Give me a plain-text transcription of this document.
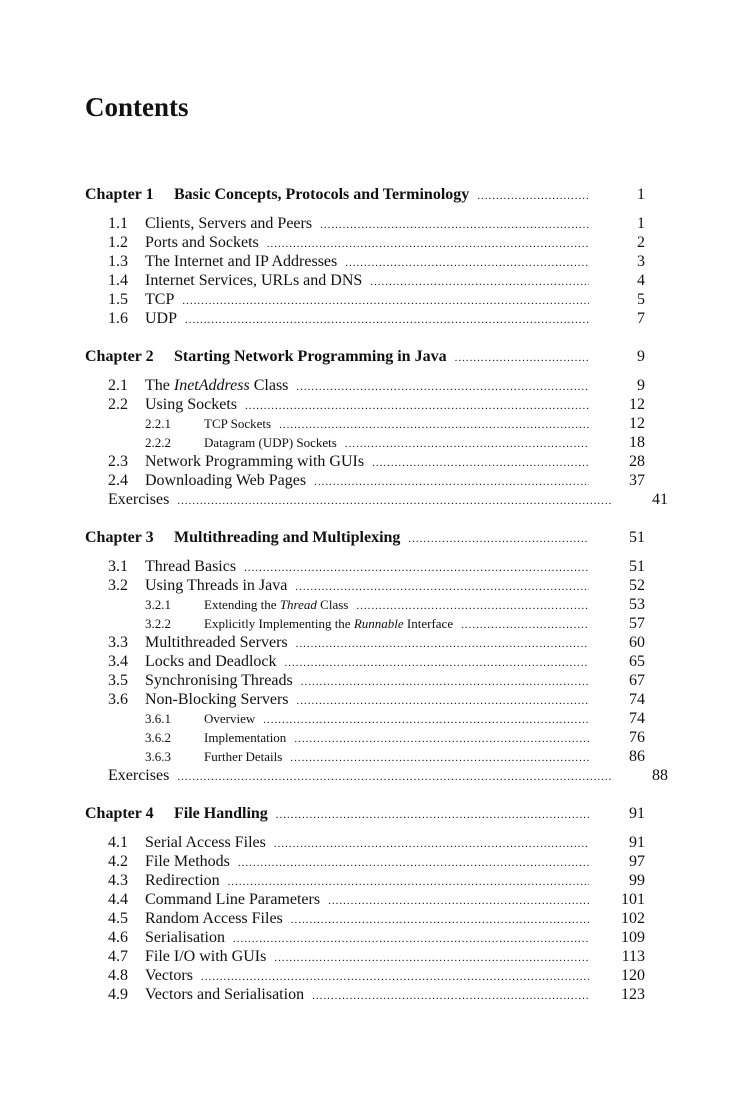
Contents
Chapter 1	Basic Concepts, Protocols and Terminology .....	1
1.1	Clients, Servers and Peers .....	1
1.2	Ports and Sockets .....	2
1.3	The Internet and IP Addresses .....	3
1.4	Internet Services, URLs and DNS .....	4
1.5	TCP .....	5
1.6	UDP .....	7
Chapter 2	Starting Network Programming in Java .....	9
2.1	The InetAddress Class .....	9
2.2	Using Sockets .....	12
2.2.1	TCP Sockets .....	12
2.2.2	Datagram (UDP) Sockets .....	18
2.3	Network Programming with GUIs .....	28
2.4	Downloading Web Pages .....	37
Exercises .....	41
Chapter 3	Multithreading and Multiplexing .....	51
3.1	Thread Basics .....	51
3.2	Using Threads in Java .....	52
3.2.1	Extending the Thread Class .....	53
3.2.2	Explicitly Implementing the Runnable Interface .....	57
3.3	Multithreaded Servers .....	60
3.4	Locks and Deadlock .....	65
3.5	Synchronising Threads .....	67
3.6	Non-Blocking Servers .....	74
3.6.1	Overview .....	74
3.6.2	Implementation .....	76
3.6.3	Further Details .....	86
Exercises .....	88
Chapter 4	File Handling .....	91
4.1	Serial Access Files .....	91
4.2	File Methods .....	97
4.3	Redirection .....	99
4.4	Command Line Parameters .....	101
4.5	Random Access Files .....	102
4.6	Serialisation .....	109
4.7	File I/O with GUIs .....	113
4.8	Vectors .....	120
4.9	Vectors and Serialisation .....	123
